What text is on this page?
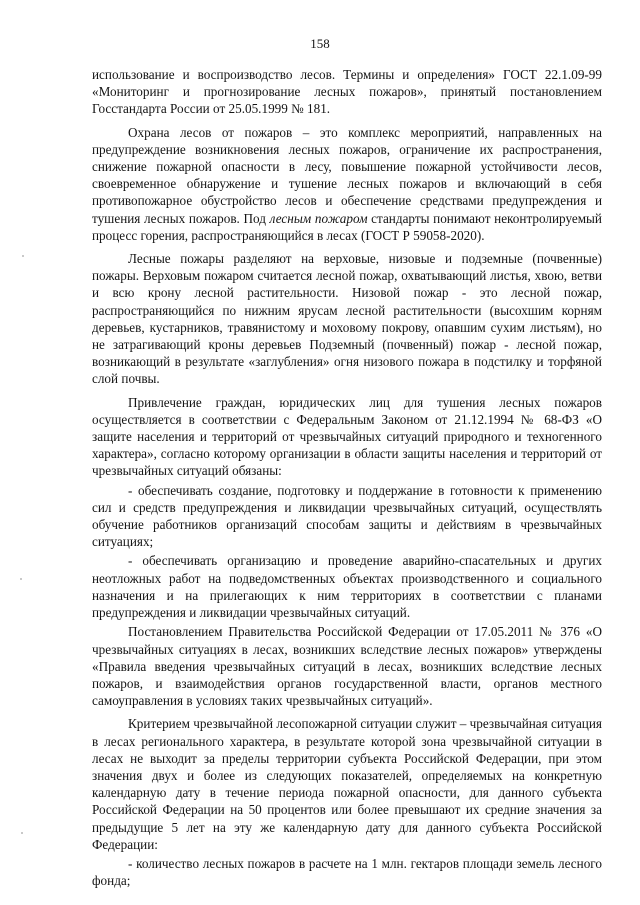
158

использование и воспроизводство лесов. Термины и определения» ГОСТ 22.1.09-99 «Мониторинг и прогнозирование лесных пожаров», принятый постановлением Госстандарта России от 25.05.1999 № 181.

Охрана лесов от пожаров – это комплекс мероприятий, направленных на предупреждение возникновения лесных пожаров, ограничение их распространения, снижение пожарной опасности в лесу, повышение пожарной устойчивости лесов, своевременное обнаружение и тушение лесных пожаров и включающий в себя противопожарное обустройство лесов и обеспечение средствами предупреждения и тушения лесных пожаров. Под лесным пожаром стандарты понимают неконтролируемый процесс горения, распространяющийся в лесах (ГОСТ Р 59058-2020).

Лесные пожары разделяют на верховые, низовые и подземные (почвенные) пожары. Верховым пожаром считается лесной пожар, охватывающий листья, хвою, ветви и всю крону лесной растительности. Низовой пожар - это лесной пожар, распространяющийся по нижним ярусам лесной растительности (высохшим корням деревьев, кустарников, травянистому и моховому покрову, опавшим сухим листьям), но не затрагивающий кроны деревьев Подземный (почвенный) пожар - лесной пожар, возникающий в результате «заглубления» огня низового пожара в подстилку и торфяной слой почвы.

Привлечение граждан, юридических лиц для тушения лесных пожаров осуществляется в соответствии с Федеральным Законом от 21.12.1994 № 68-ФЗ «О защите населения и территорий от чрезвычайных ситуаций природного и техногенного характера», согласно которому организации в области защиты населения и территорий от чрезвычайных ситуаций обязаны:

- обеспечивать создание, подготовку и поддержание в готовности к применению сил и средств предупреждения и ликвидации чрезвычайных ситуаций, осуществлять обучение работников организаций способам защиты и действиям в чрезвычайных ситуациях;

- обеспечивать организацию и проведение аварийно-спасательных и других неотложных работ на подведомственных объектах производственного и социального назначения и на прилегающих к ним территориях в соответствии с планами предупреждения и ликвидации чрезвычайных ситуаций.

Постановлением Правительства Российской Федерации от 17.05.2011 № 376 «О чрезвычайных ситуациях в лесах, возникших вследствие лесных пожаров» утверждены «Правила введения чрезвычайных ситуаций в лесах, возникших вследствие лесных пожаров, и взаимодействия органов государственной власти, органов местного самоуправления в условиях таких чрезвычайных ситуаций».

Критерием чрезвычайной лесопожарной ситуации служит – чрезвычайная ситуация в лесах регионального характера, в результате которой зона чрезвычайной ситуации в лесах не выходит за пределы территории субъекта Российской Федерации, при этом значения двух и более из следующих показателей, определяемых на конкретную календарную дату в течение периода пожарной опасности, для данного субъекта Российской Федерации на 50 процентов или более превышают их средние значения за предыдущие 5 лет на эту же календарную дату для данного субъекта Российской Федерации:

- количество лесных пожаров в расчете на 1 млн. гектаров площади земель лесного фонда;
